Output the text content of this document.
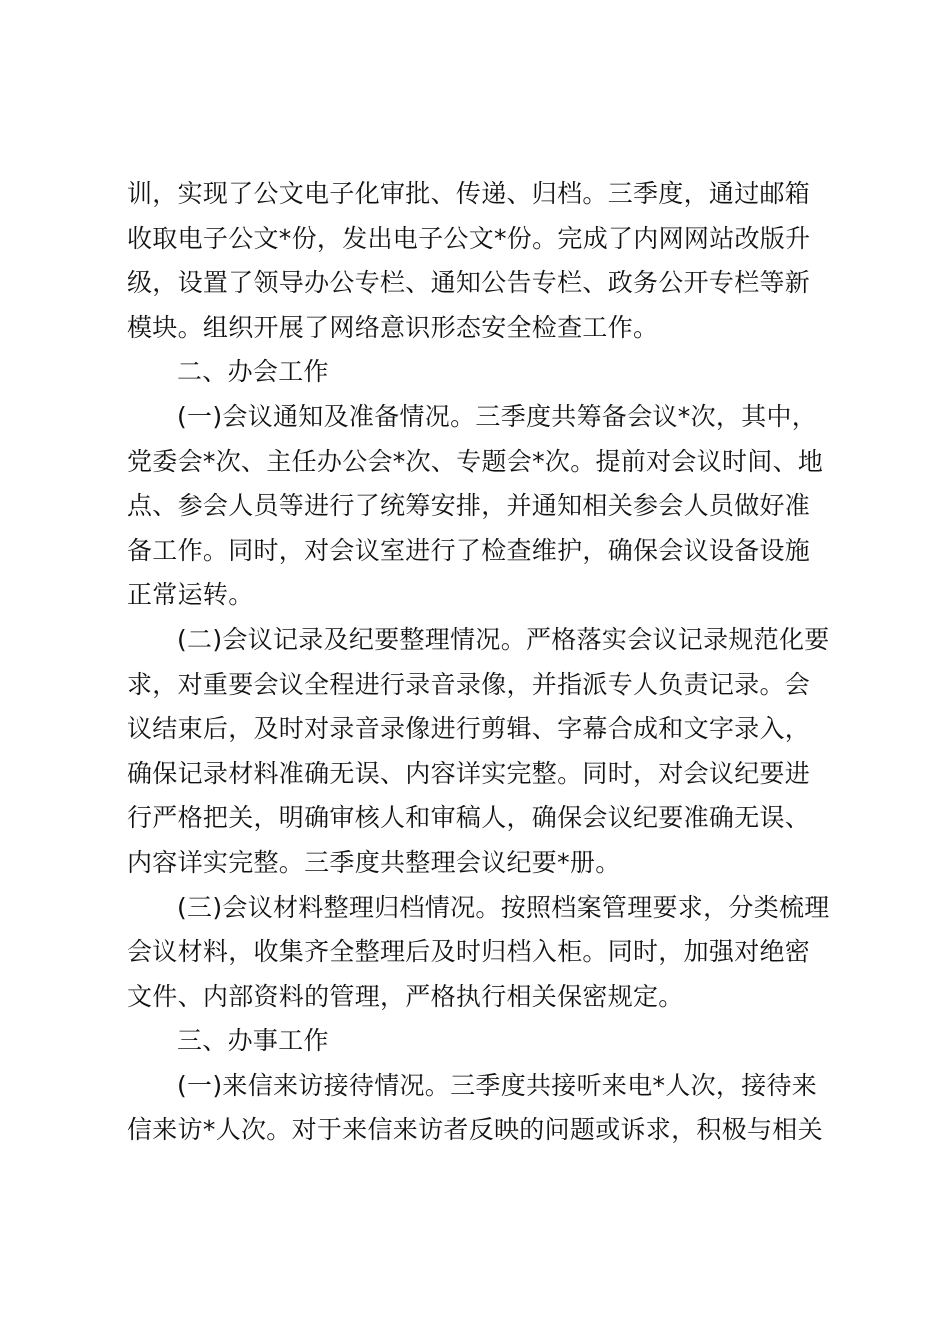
训，实现了公文电子化审批、传递、归档。三季度，通过邮箱
收取电子公文*份，发出电子公文*份。完成了内网网站改版升
级，设置了领导办公专栏、通知公告专栏、政务公开专栏等新
模块。组织开展了网络意识形态安全检查工作。
二、办会工作
(一)会议通知及准备情况。三季度共筹备会议*次，其中，
党委会*次、主任办公会*次、专题会*次。提前对会议时间、地
点、参会人员等进行了统筹安排，并通知相关参会人员做好准
备工作。同时，对会议室进行了检查维护，确保会议设备设施
正常运转。
(二)会议记录及纪要整理情况。严格落实会议记录规范化要
求，对重要会议全程进行录音录像，并指派专人负责记录。会
议结束后，及时对录音录像进行剪辑、字幕合成和文字录入，
确保记录材料准确无误、内容详实完整。同时，对会议纪要进
行严格把关，明确审核人和审稿人，确保会议纪要准确无误、
内容详实完整。三季度共整理会议纪要*册。
(三)会议材料整理归档情况。按照档案管理要求，分类梳理
会议材料，收集齐全整理后及时归档入柜。同时，加强对绝密
文件、内部资料的管理，严格执行相关保密规定。
三、办事工作
(一)来信来访接待情况。三季度共接听来电*人次，接待来
信来访*人次。对于来信来访者反映的问题或诉求，积极与相关
